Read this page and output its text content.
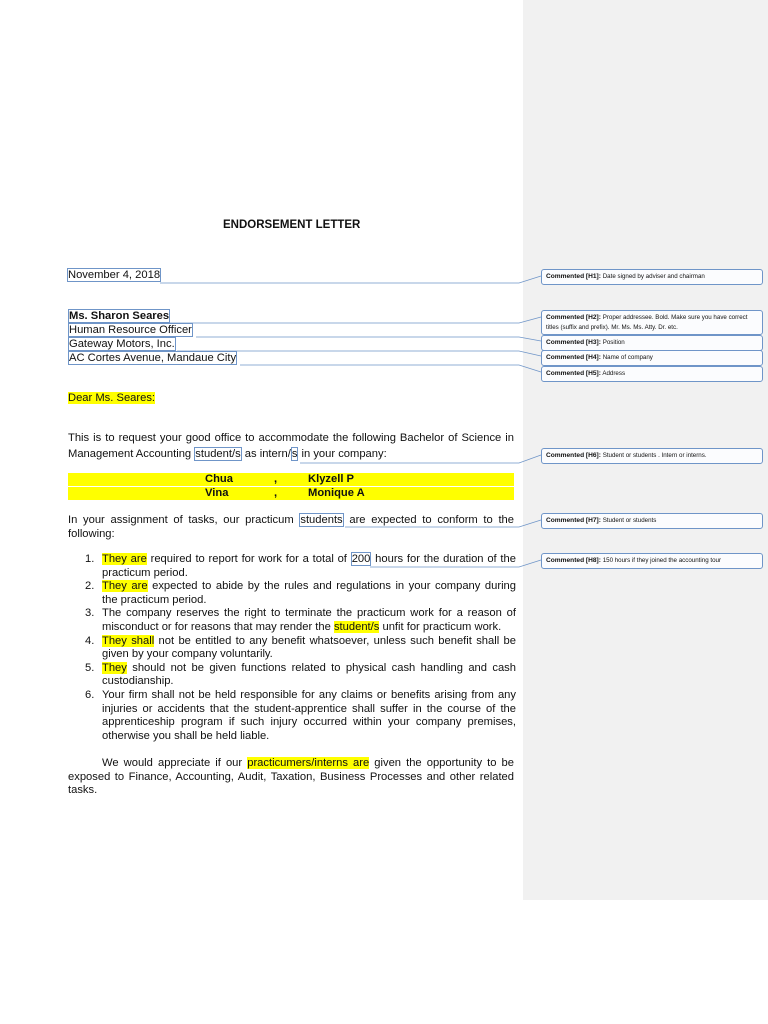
ENDORSEMENT LETTER
November 4, 2018
Ms. Sharon Seares
Human Resource Officer
Gateway Motors, Inc.
AC Cortes Avenue, Mandaue City
Dear Ms. Seares:
This is to request your good office to accommodate the following Bachelor of Science in
Management Accounting student/s as intern/s in your company:
Chua	,	Klyzell P
Vina	,	Monique A
In your assignment of tasks, our practicum students are expected to conform to the
following:
1. They are required to report for work for a total of 200 hours for the duration of the practicum period.
2. They are expected to abide by the rules and regulations in your company during the practicum period.
3. The company reserves the right to terminate the practicum work for a reason of misconduct or for reasons that may render the student/s unfit for practicum work.
4. They shall not be entitled to any benefit whatsoever, unless such benefit shall be given by your company voluntarily.
5. They should not be given functions related to physical cash handling and cash custodianship.
6. Your firm shall not be held responsible for any claims or benefits arising from any injuries or accidents that the student-apprentice shall suffer in the course of the apprenticeship program if such injury occurred within your company premises, otherwise you shall be held liable.
We would appreciate if our practicumers/interns are given the opportunity to be exposed to Finance, Accounting, Audit, Taxation, Business Processes and other related tasks.
Commented [H1]: Date signed by adviser and chairman
Commented [H2]: Proper addressee. Bold. Make sure you have correct titles (suffix and prefix). Mr. Ms. Ms. Atty. Dr. etc.
Commented [H3]: Position
Commented [H4]: Name of company
Commented [H5]: Address
Commented [H6]: Student or students . Intern or interns.
Commented [H7]: Student or students
Commented [H8]: 150 hours if they joined the accounting tour
